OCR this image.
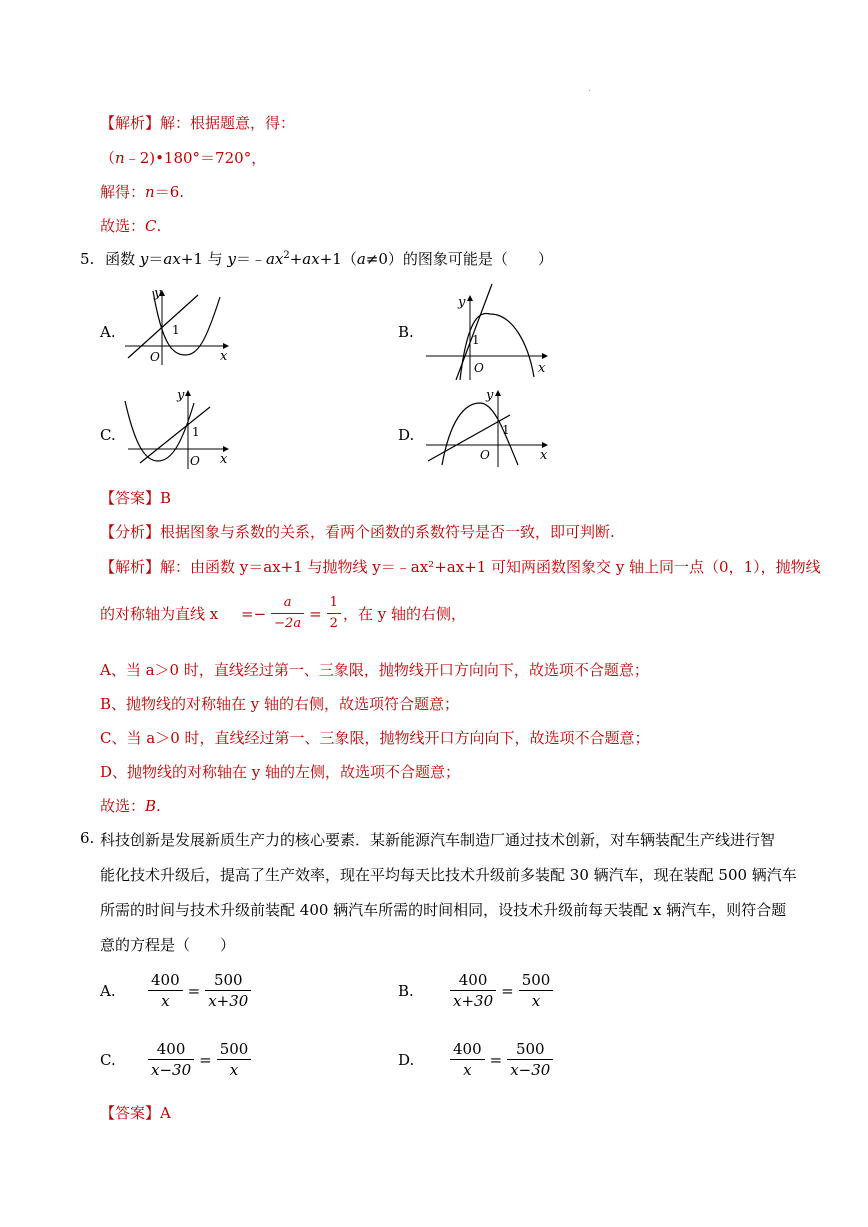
.
【解析】解：根据题意，得：
（n﹣2)•180°＝720°，
解得：n＝6.
故选：C.
5. 函数 y＝ax+1 与 $y=﹣ax^2+ax+1(a\ne 0)$的图象可能是（　　）
A.	B.
C.	D.
y
x
O
1
y
x
O
1
y
x
O
1
y
x
O
1
【答案】B
【分析】根据图象与系数的关系，看两个函数的系数符号是否一致，即可判断.
【解析】解：由函数 y＝ax+1 与抛物线 y＝﹣ax²+ax+1 可知两函数图象交 y 轴上同一点（0，1），抛物线
的对称轴为直线 $x =- \frac{a}{-2a} = \frac{1}{2}$ ，在 y 轴的右侧，
A、当 a＞0 时，直线经过第一、三象限，抛物线开口方向向下，故选项不合题意；
B、抛物线的对称轴在 y 轴的右侧，故选项符合题意；
C、当 a＞0 时，直线经过第一、三象限，抛物线开口方向向下，故选项不合题意；
D、抛物线的对称轴在 y 轴的左侧，故选项不合题意；
故选：B.
6. 科技创新是发展新质生产力的核心要素．某新能源汽车制造厂通过技术创新，对车辆装配生产线进行智
能化技术升级后，提高了生产效率，现在平均每天比技术升级前多装配 30 辆汽车，现在装配 500 辆汽车
所需的时间与技术升级前装配 400 辆汽车所需的时间相同，设技术升级前每天装配 x 辆汽车，则符合题
意的方程是（　　）
A. $\frac{400}{x} = \frac{500}{x+30}$	B. $\frac{400}{x+30} = \frac{500}{x}$
C. $\frac{400}{x-30} = \frac{500}{x}$	D. $\frac{400}{x} = \frac{500}{x-30}$
【答案】A
